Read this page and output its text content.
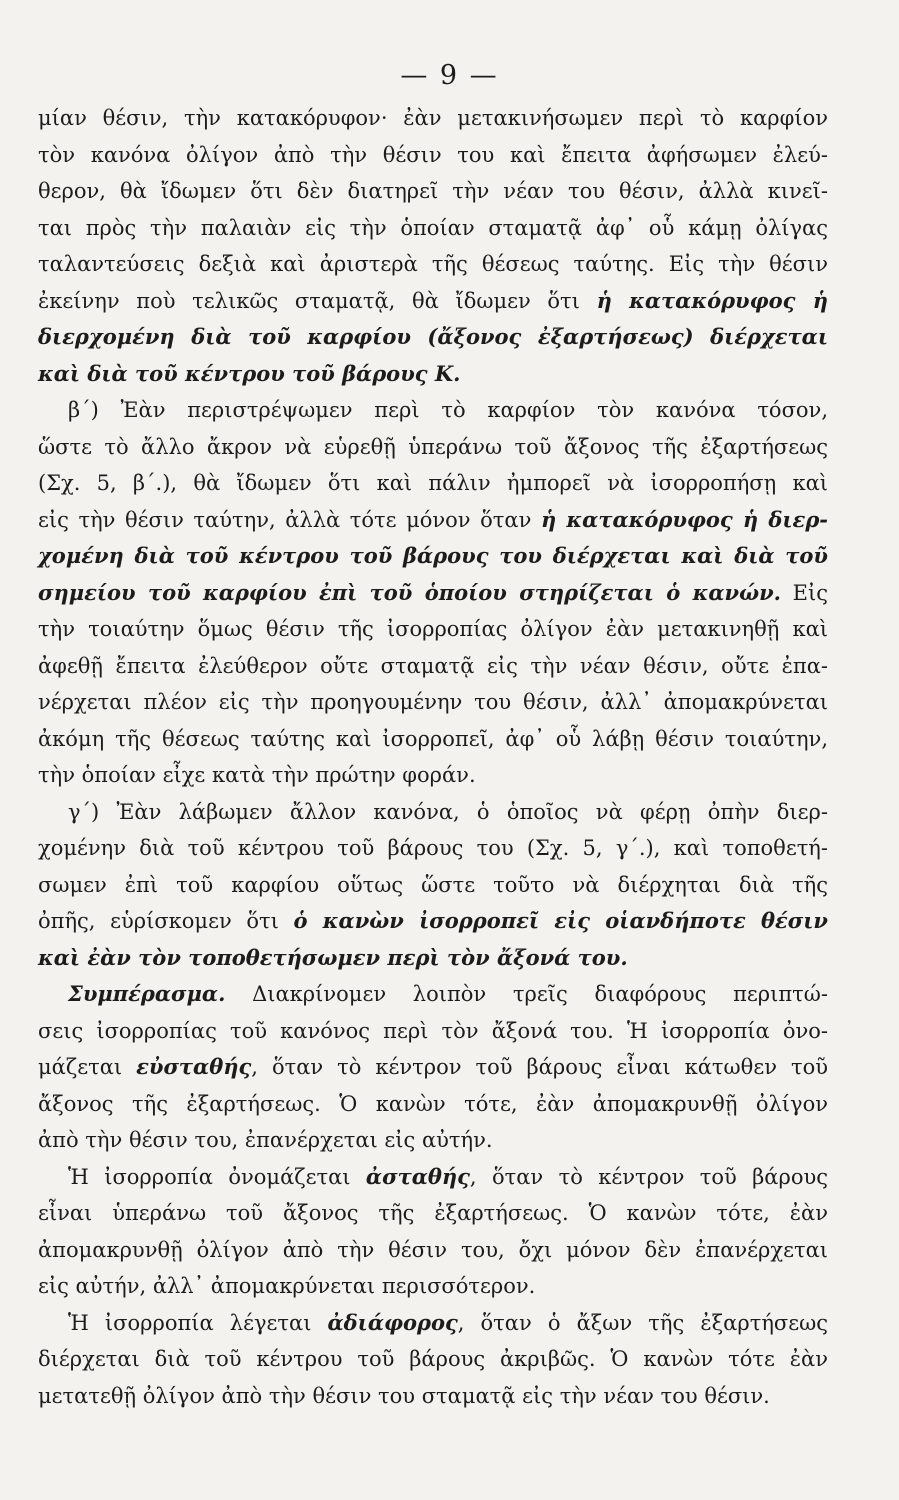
— 9 —
μίαν θέσιν, τὴν κατακόρυφον· ἐὰν μετακινήσωμεν περὶ τὸ καρφίον
τὸν κανόνα ὀλίγον ἀπὸ τὴν θέσιν του καὶ ἔπειτα ἀφήσωμεν ἐλεύ-
θερον, θὰ ἴδωμεν ὅτι δὲν διατηρεῖ τὴν νέαν του θέσιν, ἀλλὰ κινεῖ-
ται πρὸς τὴν παλαιὰν εἰς τὴν ὁποίαν σταματᾷ ἀφ᾽ οὗ κάμῃ ὀλίγας
ταλαντεύσεις δεξιὰ καὶ ἀριστερὰ τῆς θέσεως ταύτης. Εἰς τὴν θέσιν
ἐκείνην ποὺ τελικῶς σταματᾷ, θὰ ἴδωμεν ὅτι ἡ κατακόρυφος ἡ
διερχομένη διὰ τοῦ καρφίου (ἄξονος ἐξαρτήσεως) διέρχεται
καὶ διὰ τοῦ κέντρου τοῦ βάρους Κ.
β΄) Ἐὰν περιστρέψωμεν περὶ τὸ καρφίον τὸν κανόνα τόσον,
ὥστε τὸ ἄλλο ἄκρον νὰ εὑρεθῇ ὑπεράνω τοῦ ἄξονος τῆς ἐξαρτήσεως
(Σχ. 5, β΄.), θὰ ἴδωμεν ὅτι καὶ πάλιν ἠμπορεῖ νὰ ἰσορροπήσῃ καὶ
εἰς τὴν θέσιν ταύτην, ἀλλὰ τότε μόνον ὅταν ἡ κατακόρυφος ἡ διερ-
χομένη διὰ τοῦ κέντρου τοῦ βάρους του διέρχεται καὶ διὰ τοῦ
σημείου τοῦ καρφίου ἐπὶ τοῦ ὁποίου στηρίζεται ὁ κανών. Εἰς
τὴν τοιαύτην ὅμως θέσιν τῆς ἰσορροπίας ὀλίγον ἐὰν μετακινηθῇ καὶ
ἀφεθῇ ἔπειτα ἐλεύθερον οὔτε σταματᾷ εἰς τὴν νέαν θέσιν, οὔτε ἐπα-
νέρχεται πλέον εἰς τὴν προηγουμένην του θέσιν, ἀλλ᾽ ἀπομακρύνεται
ἀκόμη τῆς θέσεως ταύτης καὶ ἰσορροπεῖ, ἀφ᾽ οὗ λάβῃ θέσιν τοιαύτην,
τὴν ὁποίαν εἶχε κατὰ τὴν πρώτην φοράν.
γ΄) Ἐὰν λάβωμεν ἄλλον κανόνα, ὁ ὁποῖος νὰ φέρῃ ὀπὴν διερ-
χομένην διὰ τοῦ κέντρου τοῦ βάρους του (Σχ. 5, γ΄.), καὶ τοποθετή-
σωμεν ἐπὶ τοῦ καρφίου οὕτως ὥστε τοῦτο νὰ διέρχηται διὰ τῆς
ὀπῆς, εὑρίσκομεν ὅτι ὁ κανὼν ἰσορροπεῖ εἰς οἱανδήποτε θέσιν
καὶ ἐὰν τὸν τοποθετήσωμεν περὶ τὸν ἄξονά του.
Συμπέρασμα. Διακρίνομεν λοιπὸν τρεῖς διαφόρους περιπτώ-
σεις ἰσορροπίας τοῦ κανόνος περὶ τὸν ἄξονά του. Ἡ ἰσορροπία ὀνο-
μάζεται εὐσταθής, ὅταν τὸ κέντρον τοῦ βάρους εἶναι κάτωθεν τοῦ
ἄξονος τῆς ἐξαρτήσεως. Ὁ κανὼν τότε, ἐὰν ἀπομακρυνθῇ ὀλίγον
ἀπὸ τὴν θέσιν του, ἐπανέρχεται εἰς αὐτήν.
Ἡ ἰσορροπία ὀνομάζεται ἀσταθής, ὅταν τὸ κέντρον τοῦ βάρους
εἶναι ὑπεράνω τοῦ ἄξονος τῆς ἐξαρτήσεως. Ὁ κανὼν τότε, ἐὰν
ἀπομακρυνθῇ ὀλίγον ἀπὸ τὴν θέσιν του, ὄχι μόνον δὲν ἐπανέρχεται
εἰς αὐτήν, ἀλλ᾽ ἀπομακρύνεται περισσότερον.
Ἡ ἰσορροπία λέγεται ἀδιάφορος, ὅταν ὁ ἄξων τῆς ἐξαρτήσεως
διέρχεται διὰ τοῦ κέντρου τοῦ βάρους ἀκριβῶς. Ὁ κανὼν τότε ἐὰν
μετατεθῇ ὀλίγον ἀπὸ τὴν θέσιν του σταματᾷ εἰς τὴν νέαν του θέσιν.
